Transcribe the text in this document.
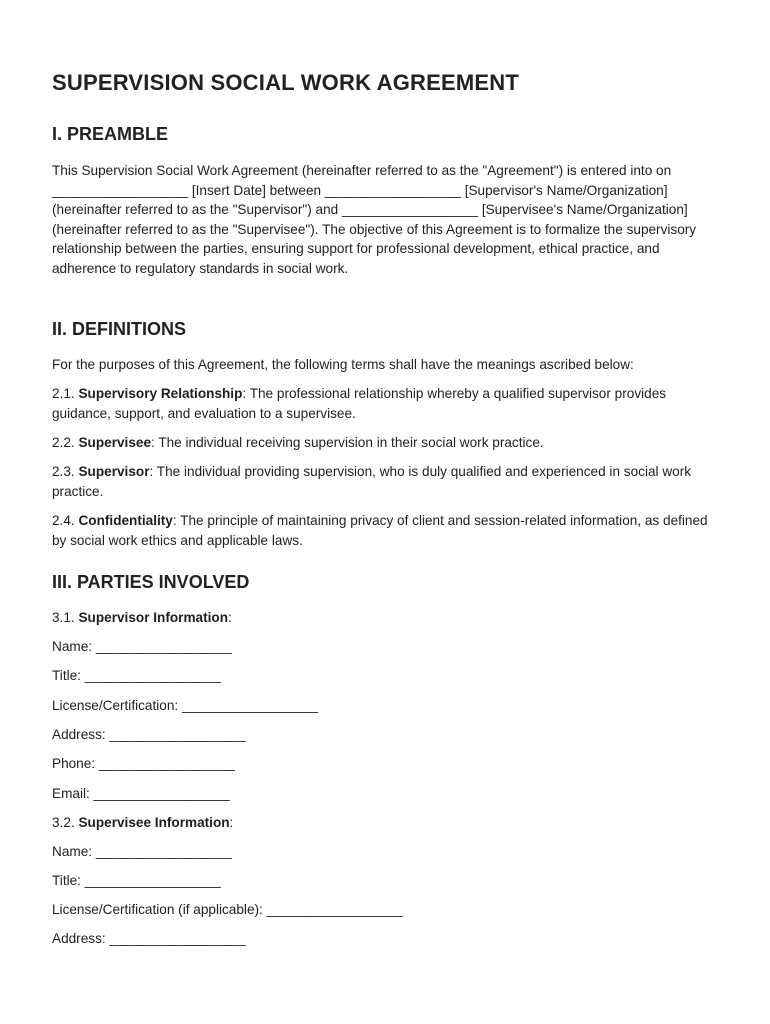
SUPERVISION SOCIAL WORK AGREEMENT
I. PREAMBLE

This Supervision Social Work Agreement (hereinafter referred to as the "Agreement") is entered into on __________________ [Insert Date] between __________________ [Supervisor's Name/Organization] (hereinafter referred to as the "Supervisor") and __________________ [Supervisee's Name/Organization] (hereinafter referred to as the "Supervisee"). The objective of this Agreement is to formalize the supervisory relationship between the parties, ensuring support for professional development, ethical practice, and adherence to regulatory standards in social work.

II. DEFINITIONS
For the purposes of this Agreement, the following terms shall have the meanings ascribed below:

2.1. Supervisory Relationship: The professional relationship whereby a qualified supervisor provides guidance, support, and evaluation to a supervisee.

2.2. Supervisee: The individual receiving supervision in their social work practice.

2.3. Supervisor: The individual providing supervision, who is duly qualified and experienced in social work practice.

2.4. Confidentiality: The principle of maintaining privacy of client and session-related information, as defined by social work ethics and applicable laws.

III. PARTIES INVOLVED
3.1. Supervisor Information:
Name: __________________
Title: __________________
License/Certification: __________________
Address: __________________
Phone: __________________
Email: __________________
3.2. Supervisee Information:
Name: __________________
Title: __________________
License/Certification (if applicable): __________________
Address: __________________
